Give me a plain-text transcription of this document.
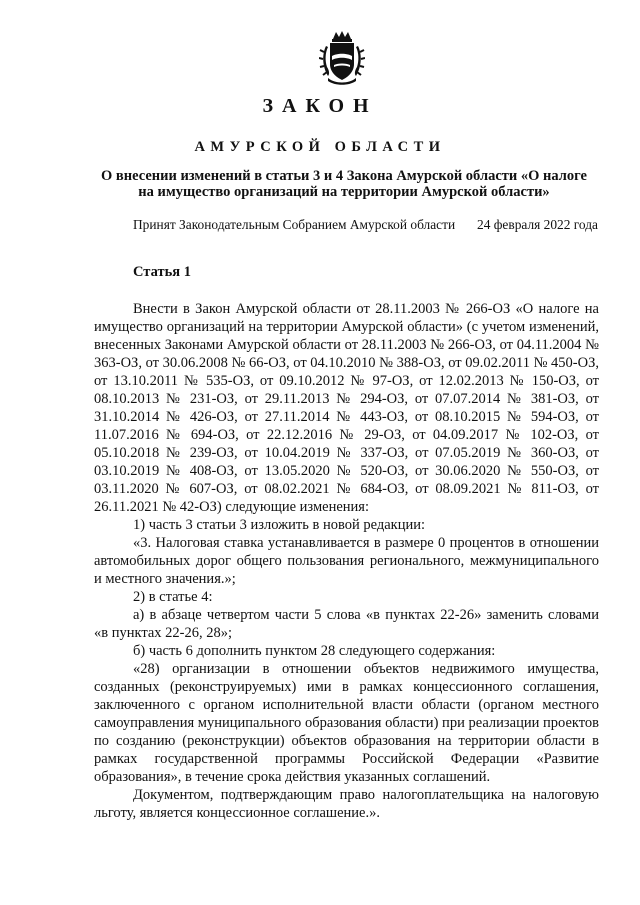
ЗАКОН
АМУРСКОЙ ОБЛАСТИ
О внесении изменений в статьи 3 и 4 Закона Амурской области «О налоге на имущество организаций на территории Амурской области»
Принят Законодательным Собранием Амурской области 24 февраля 2022 года
Статья 1

Внести в Закон Амурской области от 28.11.2003 № 266-ОЗ «О налоге на имущество организаций на территории Амурской области» (с учетом изменений, внесенных Законами Амурской области от 28.11.2003 № 266-ОЗ, от 04.11.2004 № 363-ОЗ, от 30.06.2008 № 66-ОЗ, от 04.10.2010 № 388-ОЗ, от 09.02.2011 № 450-ОЗ, от 13.10.2011 № 535-ОЗ, от 09.10.2012 № 97-ОЗ, от 12.02.2013 № 150-ОЗ, от 08.10.2013 № 231-ОЗ, от 29.11.2013 № 294-ОЗ, от 07.07.2014 № 381-ОЗ, от 31.10.2014 № 426-ОЗ, от 27.11.2014 № 443-ОЗ, от 08.10.2015 № 594-ОЗ, от 11.07.2016 № 694-ОЗ, от 22.12.2016 № 29-ОЗ, от 04.09.2017 № 102-ОЗ, от 05.10.2018 № 239-ОЗ, от 10.04.2019 № 337-ОЗ, от 07.05.2019 № 360-ОЗ, от 03.10.2019 № 408-ОЗ, от 13.05.2020 № 520-ОЗ, от 30.06.2020 № 550-ОЗ, от 03.11.2020 № 607-ОЗ, от 08.02.2021 № 684-ОЗ, от 08.09.2021 № 811-ОЗ, от 26.11.2021 № 42-ОЗ) следующие изменения:

1) часть 3 статьи 3 изложить в новой редакции:

«3. Налоговая ставка устанавливается в размере 0 процентов в отношении автомобильных дорог общего пользования регионального, межмуниципального и местного значения.»;

2) в статье 4:

а) в абзаце четвертом части 5 слова «в пунктах 22-26» заменить словами «в пунктах 22-26, 28»;

б) часть 6 дополнить пунктом 28 следующего содержания:

«28) организации в отношении объектов недвижимого имущества, созданных (реконструируемых) ими в рамках концессионного соглашения, заключенного с органом исполнительной власти области (органом местного самоуправления муниципального образования области) при реализации проектов по созданию (реконструкции) объектов образования на территории области в рамках государственной программы Российской Федерации «Развитие образования», в течение срока действия указанных соглашений.

Документом, подтверждающим право налогоплательщика на налоговую льготу, является концессионное соглашение.».
